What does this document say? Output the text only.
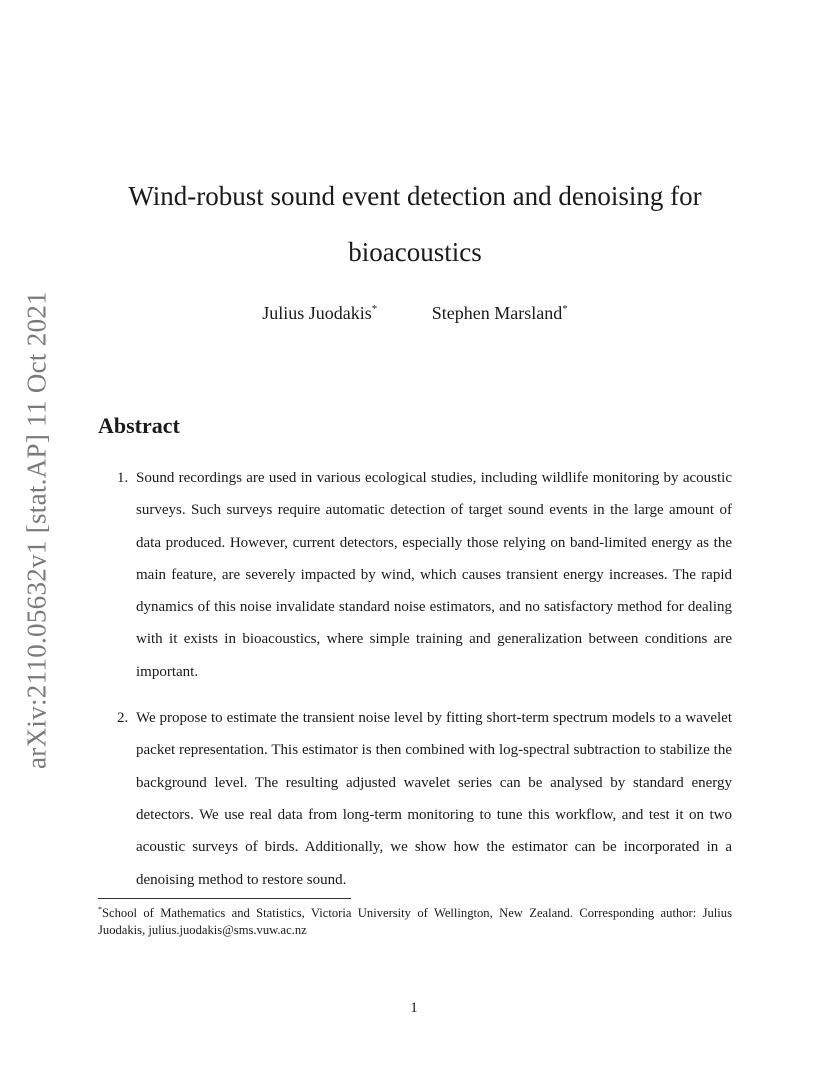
arXiv:2110.05632v1 [stat.AP] 11 Oct 2021
Wind-robust sound event detection and denoising for bioacoustics
Julius Juodakis*	Stephen Marsland*
Abstract
1. Sound recordings are used in various ecological studies, including wildlife monitoring by acoustic surveys. Such surveys require automatic detection of target sound events in the large amount of data produced. However, current detectors, especially those relying on band-limited energy as the main feature, are severely impacted by wind, which causes transient energy increases. The rapid dynamics of this noise invalidate standard noise estimators, and no satisfactory method for dealing with it exists in bioacoustics, where simple training and generalization between conditions are important.
2. We propose to estimate the transient noise level by fitting short-term spectrum models to a wavelet packet representation. This estimator is then combined with log-spectral subtraction to stabilize the background level. The resulting adjusted wavelet series can be analysed by standard energy detectors. We use real data from long-term monitoring to tune this workflow, and test it on two acoustic surveys of birds. Additionally, we show how the estimator can be incorporated in a denoising method to restore sound.
*School of Mathematics and Statistics, Victoria University of Wellington, New Zealand. Corresponding author: Julius Juodakis, julius.juodakis@sms.vuw.ac.nz
1
